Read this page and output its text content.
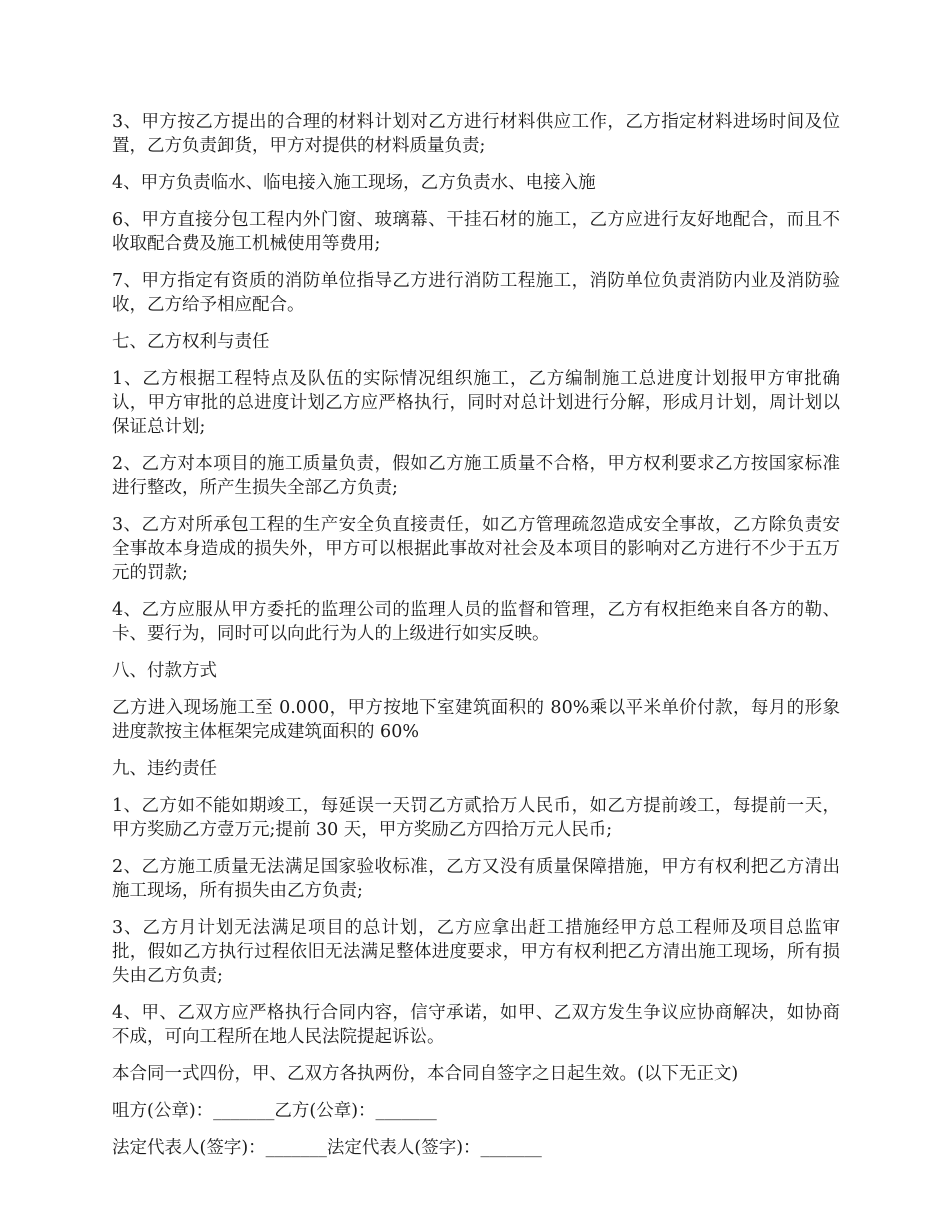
3、甲方按乙方提出的合理的材料计划对乙方进行材料供应工作，乙方指定材料进场时间及位置，乙方负责卸货，甲方对提供的材料质量负责;

4、甲方负责临水、临电接入施工现场，乙方负责水、电接入施

6、甲方直接分包工程内外门窗、玻璃幕、干挂石材的施工，乙方应进行友好地配合，而且不收取配合费及施工机械使用等费用;

7、甲方指定有资质的消防单位指导乙方进行消防工程施工，消防单位负责消防内业及消防验收，乙方给予相应配合。

七、乙方权利与责任

1、乙方根据工程特点及队伍的实际情况组织施工，乙方编制施工总进度计划报甲方审批确认，甲方审批的总进度计划乙方应严格执行，同时对总计划进行分解，形成月计划，周计划以保证总计划;

2、乙方对本项目的施工质量负责，假如乙方施工质量不合格，甲方权利要求乙方按国家标准进行整改，所产生损失全部乙方负责;

3、乙方对所承包工程的生产安全负直接责任，如乙方管理疏忽造成安全事故，乙方除负责安全事故本身造成的损失外，甲方可以根据此事故对社会及本项目的影响对乙方进行不少于五万元的罚款;

4、乙方应服从甲方委托的监理公司的监理人员的监督和管理，乙方有权拒绝来自各方的勒、卡、要行为，同时可以向此行为人的上级进行如实反映。

八、付款方式

乙方进入现场施工至 0.000，甲方按地下室建筑面积的 80%乘以平米单价付款，每月的形象进度款按主体框架完成建筑面积的 60%

九、违约责任

1、乙方如不能如期竣工，每延误一天罚乙方贰拾万人民币，如乙方提前竣工，每提前一天，甲方奖励乙方壹万元;提前 30 天，甲方奖励乙方四拾万元人民币;

2、乙方施工质量无法满足国家验收标准，乙方又没有质量保障措施，甲方有权利把乙方清出施工现场，所有损失由乙方负责;

3、乙方月计划无法满足项目的总计划，乙方应拿出赶工措施经甲方总工程师及项目总监审批，假如乙方执行过程依旧无法满足整体进度要求，甲方有权利把乙方清出施工现场，所有损失由乙方负责;

4、甲、乙双方应严格执行合同内容，信守承诺，如甲、乙双方发生争议应协商解决，如协商不成，可向工程所在地人民法院提起诉讼。

本合同一式四份，甲、乙双方各执两份，本合同自签字之日起生效。(以下无正文)

咀方(公章)：_______乙方(公章)：_______

法定代表人(签字)：_______法定代表人(签字)：_______
